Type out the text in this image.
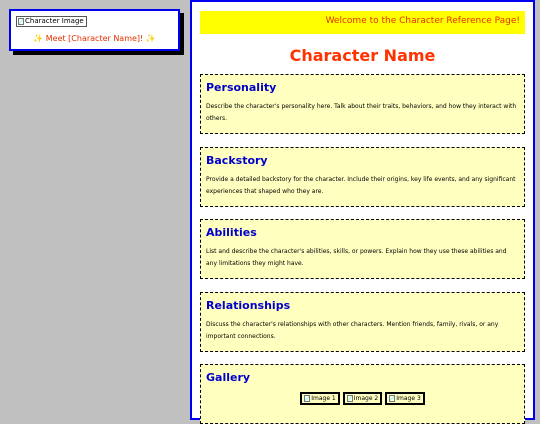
Character Image
✨ Meet [Character Name]! ✨
Welcome to the Character Reference Page!
Character Name
Personality

Describe the character's personality here. Talk about their traits, behaviors, and how they interact with others.

Backstory

Provide a detailed backstory for the character. Include their origins, key life events, and any significant experiences that shaped who they are.

Abilities

List and describe the character's abilities, skills, or powers. Explain how they use these abilities and any limitations they might have.

Relationships

Discuss the character's relationships with other characters. Mention friends, family, rivals, or any important connections.

Gallery
Image 1	Image 2	Image 3
